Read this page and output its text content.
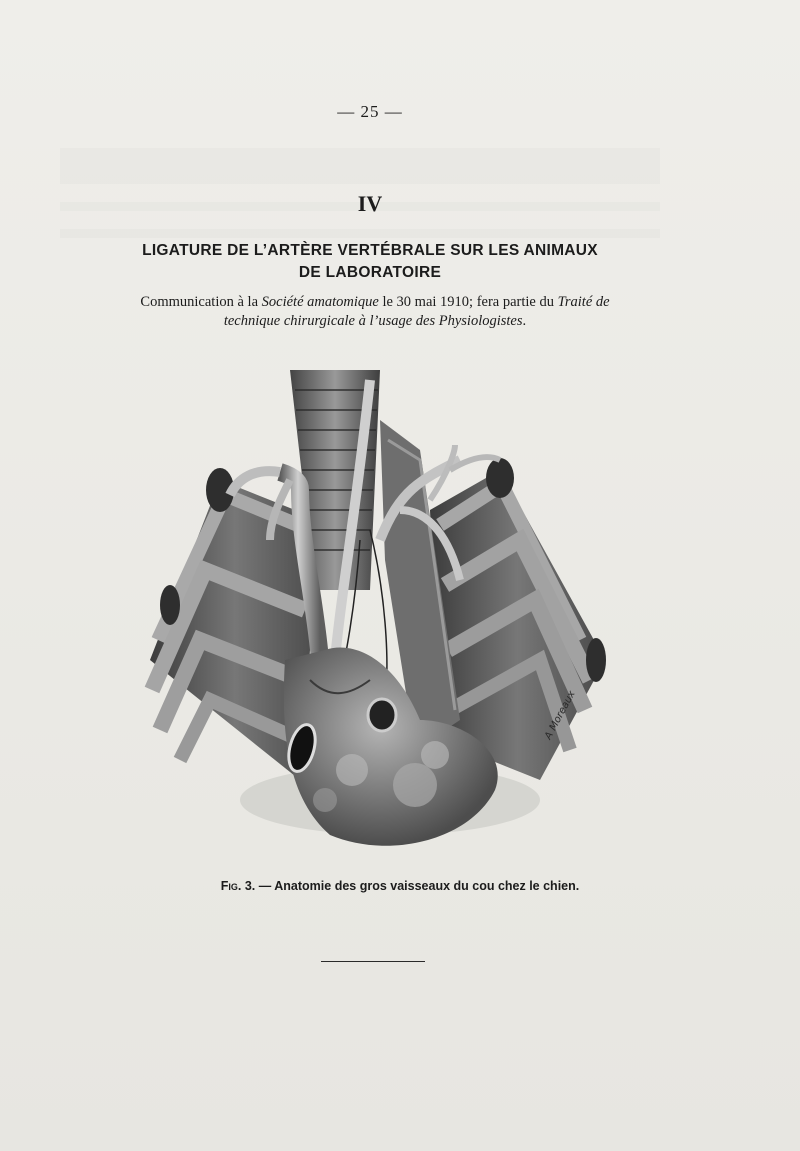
— 25 —
IV
LIGATURE DE L’ARTÈRE VERTÉBRALE SUR LES ANIMAUX
DE LABORATOIRE
Communication à la Société amatomique le 30 mai 1910; fera partie du Traité de
technique chirurgicale à l’usage des Physiologistes.
A Moreaux
Fig. 3. — Anatomie des gros vaisseaux du cou chez le chien.
